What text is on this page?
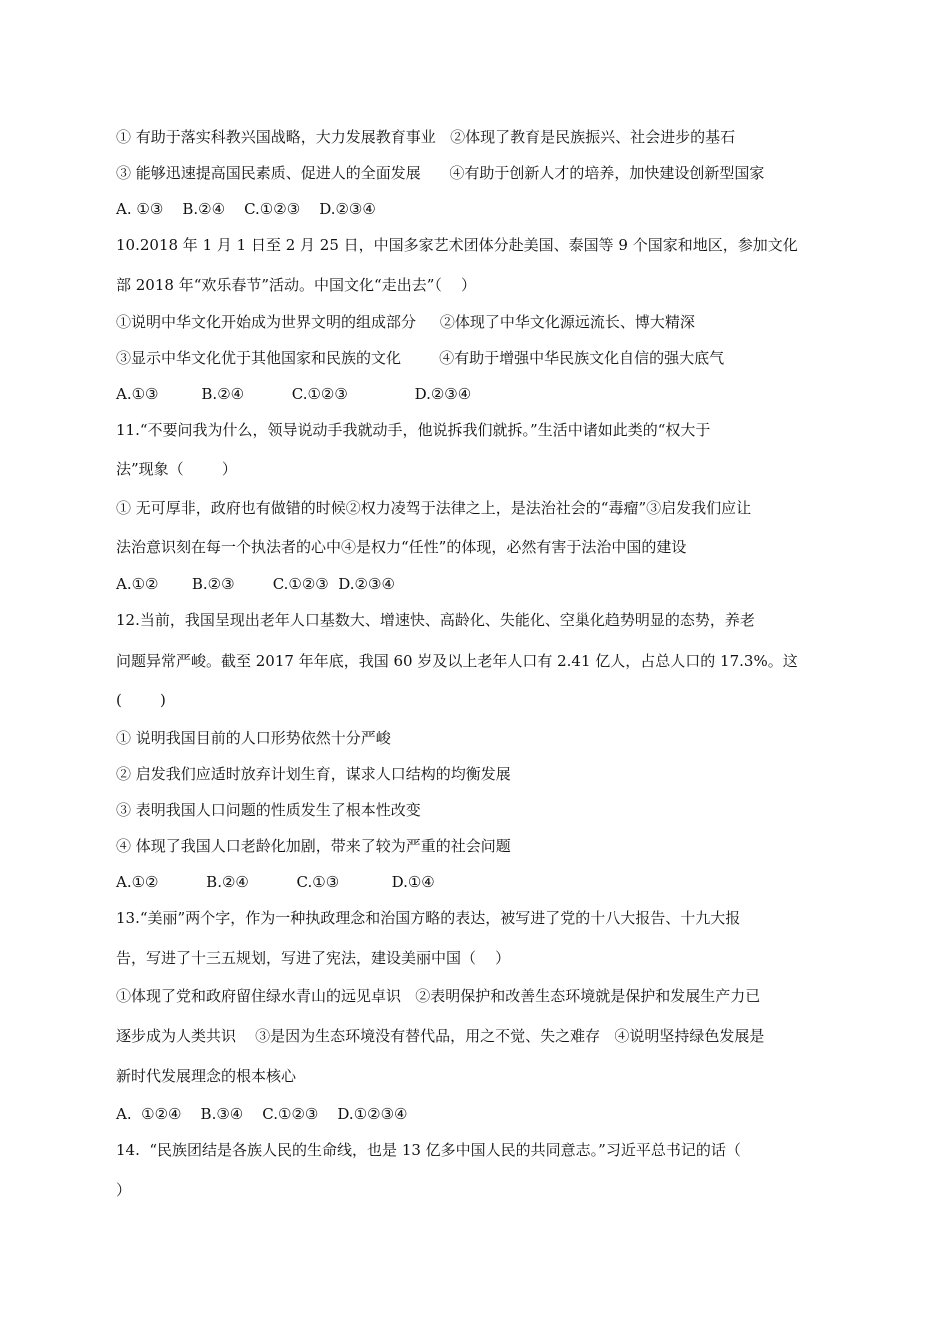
① 有助于落实科教兴国战略，大力发展教育事业   ②体现了教育是民族振兴、社会进步的基石
③ 能够迅速提高国民素质、促进人的全面发展      ④有助于创新人才的培养，加快建设创新型国家
A. ①③    B.②④    C.①②③    D.②③④
10.2018 年 1 月 1 日至 2 月 25 日，中国多家艺术团体分赴美国、泰国等 9 个国家和地区，参加文化
部 2018 年“欢乐春节”活动。中国文化“走出去”（    ）
①说明中华文化开始成为世界文明的组成部分     ②体现了中华文化源远流长、博大精深
③显示中华文化优于其他国家和民族的文化        ④有助于增强中华民族文化自信的强大底气
A.①③         B.②④          C.①②③              D.②③④
11.“不要问我为什么，领导说动手我就动手，他说拆我们就拆。”生活中诸如此类的“权大于
法”现象（        ）
① 无可厚非，政府也有做错的时候②权力凌驾于法律之上，是法治社会的“毒瘤”③启发我们应让
法治意识刻在每一个执法者的心中④是权力“任性”的体现，必然有害于法治中国的建设
A.①②       B.②③        C.①②③  D.②③④
12.当前，我国呈现出老年人口基数大、增速快、高龄化、失能化、空巢化趋势明显的态势，养老
问题异常严峻。截至 2017 年年底，我国 60 岁及以上老年人口有 2.41 亿人，占总人口的 17.3%。这
(        )
① 说明我国目前的人口形势依然十分严峻
② 启发我们应适时放弃计划生育，谋求人口结构的均衡发展
③ 表明我国人口问题的性质发生了根本性改变
④ 体现了我国人口老龄化加剧，带来了较为严重的社会问题
A.①②          B.②④          C.①③           D.①④
13.“美丽”两个字，作为一种执政理念和治国方略的表达，被写进了党的十八大报告、十九大报
告，写进了十三五规划，写进了宪法，建设美丽中国（    ）
①体现了党和政府留住绿水青山的远见卓识   ②表明保护和改善生态环境就是保护和发展生产力已
逐步成为人类共识    ③是因为生态环境没有替代品，用之不觉、失之难存   ④说明坚持绿色发展是
新时代发展理念的根本核心
A.  ①②④    B.③④    C.①②③    D.①②③④
14.  “民族团结是各族人民的生命线，也是 13 亿多中国人民的共同意志。”习近平总书记的话（
）
